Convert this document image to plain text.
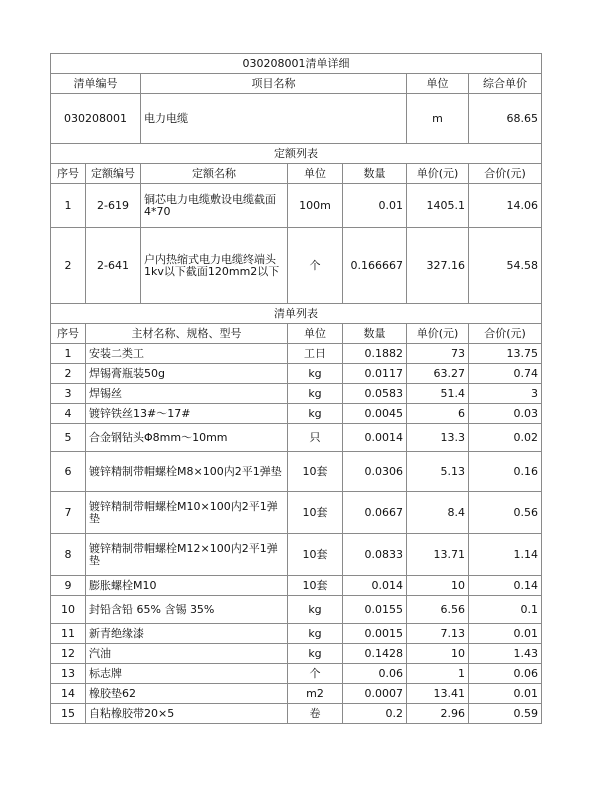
030208001清单详细						
清单编号		项目名称			单位	综合单价
030208001		电力电缆			m	68.65
定额列表						
序号	定额编号	定额名称	单位	数量	单价(元)	合价(元)
1	2-619	铜芯电力电缆敷设电缆截面4*70	100m	0.01	1405.1	14.06
2	2-641	户内热缩式电力电缆终端头1kv以下截面120mm2以下	个	0.166667	327.16	54.58
清单列表						
序号	主材名称、规格、型号		单位	数量	单价(元)	合价(元)
1	安装二类工		工日	0.1882	73	13.75
2	焊锡膏瓶装50g		kg	0.0117	63.27	0.74
3	焊锡丝		kg	0.0583	51.4	3
4	镀锌铁丝13#～17#		kg	0.0045	6	0.03
5	合金钢钻头Φ8mm～10mm		只	0.0014	13.3	0.02
6	镀锌精制带帽螺栓M8×100内2平1弹垫		10套	0.0306	5.13	0.16
7	镀锌精制带帽螺栓M10×100内2平1弹垫		10套	0.0667	8.4	0.56
8	镀锌精制带帽螺栓M12×100内2平1弹垫		10套	0.0833	13.71	1.14
9	膨胀螺栓M10		10套	0.014	10	0.14
10	封铅含铅 65% 含锡 35%		kg	0.0155	6.56	0.1
11	新青绝缘漆		kg	0.0015	7.13	0.01
12	汽油		kg	0.1428	10	1.43
13	标志牌		个	0.06	1	0.06
14	橡胶垫62		m2	0.0007	13.41	0.01
15	自粘橡胶带20×5		卷	0.2	2.96	0.59
